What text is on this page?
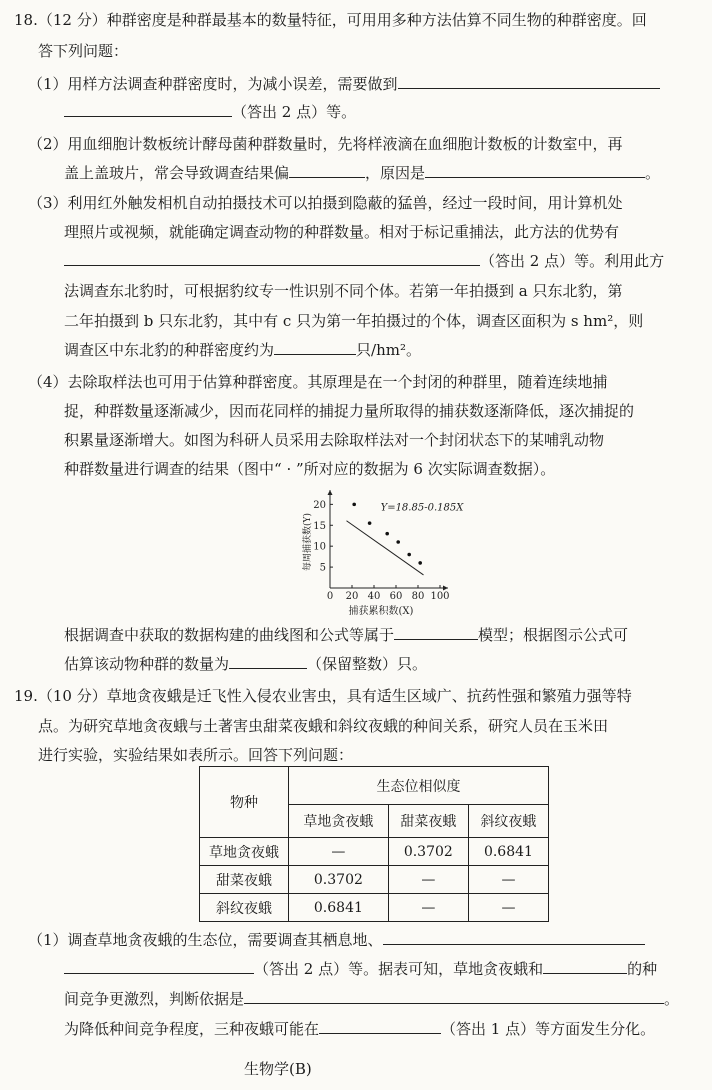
18.（12 分）种群密度是种群最基本的数量特征，可用用多种方法估算不同生物的种群密度。回
答下列问题：
（1）用样方法调查种群密度时，为减小误差，需要做到
（答出 2 点）等。
（2）用血细胞计数板统计酵母菌种群数量时，先将样液滴在血细胞计数板的计数室中，再
盖上盖玻片，常会导致调查结果偏	，原因是	。
（3）利用红外触发相机自动拍摄技术可以拍摄到隐蔽的猛兽，经过一段时间，用计算机处
理照片或视频，就能确定调查动物的种群数量。相对于标记重捕法，此方法的优势有
（答出 2 点）等。利用此方
法调查东北豹时，可根据豹纹专一性识别不同个体。若第一年拍摄到 a 只东北豹，第
二年拍摄到 b 只东北豹，其中有 c 只为第一年拍摄过的个体，调查区面积为 s hm²，则
调查区中东北豹的种群密度约为	只/hm²。
（4）去除取样法也可用于估算种群密度。其原理是在一个封闭的种群里，随着连续地捕
捉，种群数量逐渐减少，因而花同样的捕捉力量所取得的捕获数逐渐降低，逐次捕捉的
积累量逐渐增大。如图为科研人员采用去除取样法对一个封闭状态下的某哺乳动物
种群数量进行调查的结果（图中“ · ”所对应的数据为 6 次实际调查数据）。
0 20 40 60 80 100
5
10
15
20
捕获累积数(X)
每周捕获数(Y)
Y=18.85-0.185X
根据调查中获取的数据构建的曲线图和公式等属于	模型；根据图示公式可
估算该动物种群的数量为	（保留整数）只。
19.（10 分）草地贪夜蛾是迁飞性入侵农业害虫，具有适生区域广、抗药性强和繁殖力强等特
点。为研究草地贪夜蛾与土著害虫甜菜夜蛾和斜纹夜蛾的种间关系，研究人员在玉米田
进行实验，实验结果如表所示。回答下列问题：
物种	生态位相似度		
	草地贪夜蛾	甜菜夜蛾	斜纹夜蛾
草地贪夜蛾	—	0.3702	0.6841
甜菜夜蛾	0.3702	—	—
斜纹夜蛾	0.6841	—	—
（1）调查草地贪夜蛾的生态位，需要调查其栖息地、
（答出 2 点）等。据表可知，草地贪夜蛾和	的种
间竞争更激烈，判断依据是	。
为降低种间竞争程度，三种夜蛾可能在	（答出 1 点）等方面发生分化。
生物学(B)
